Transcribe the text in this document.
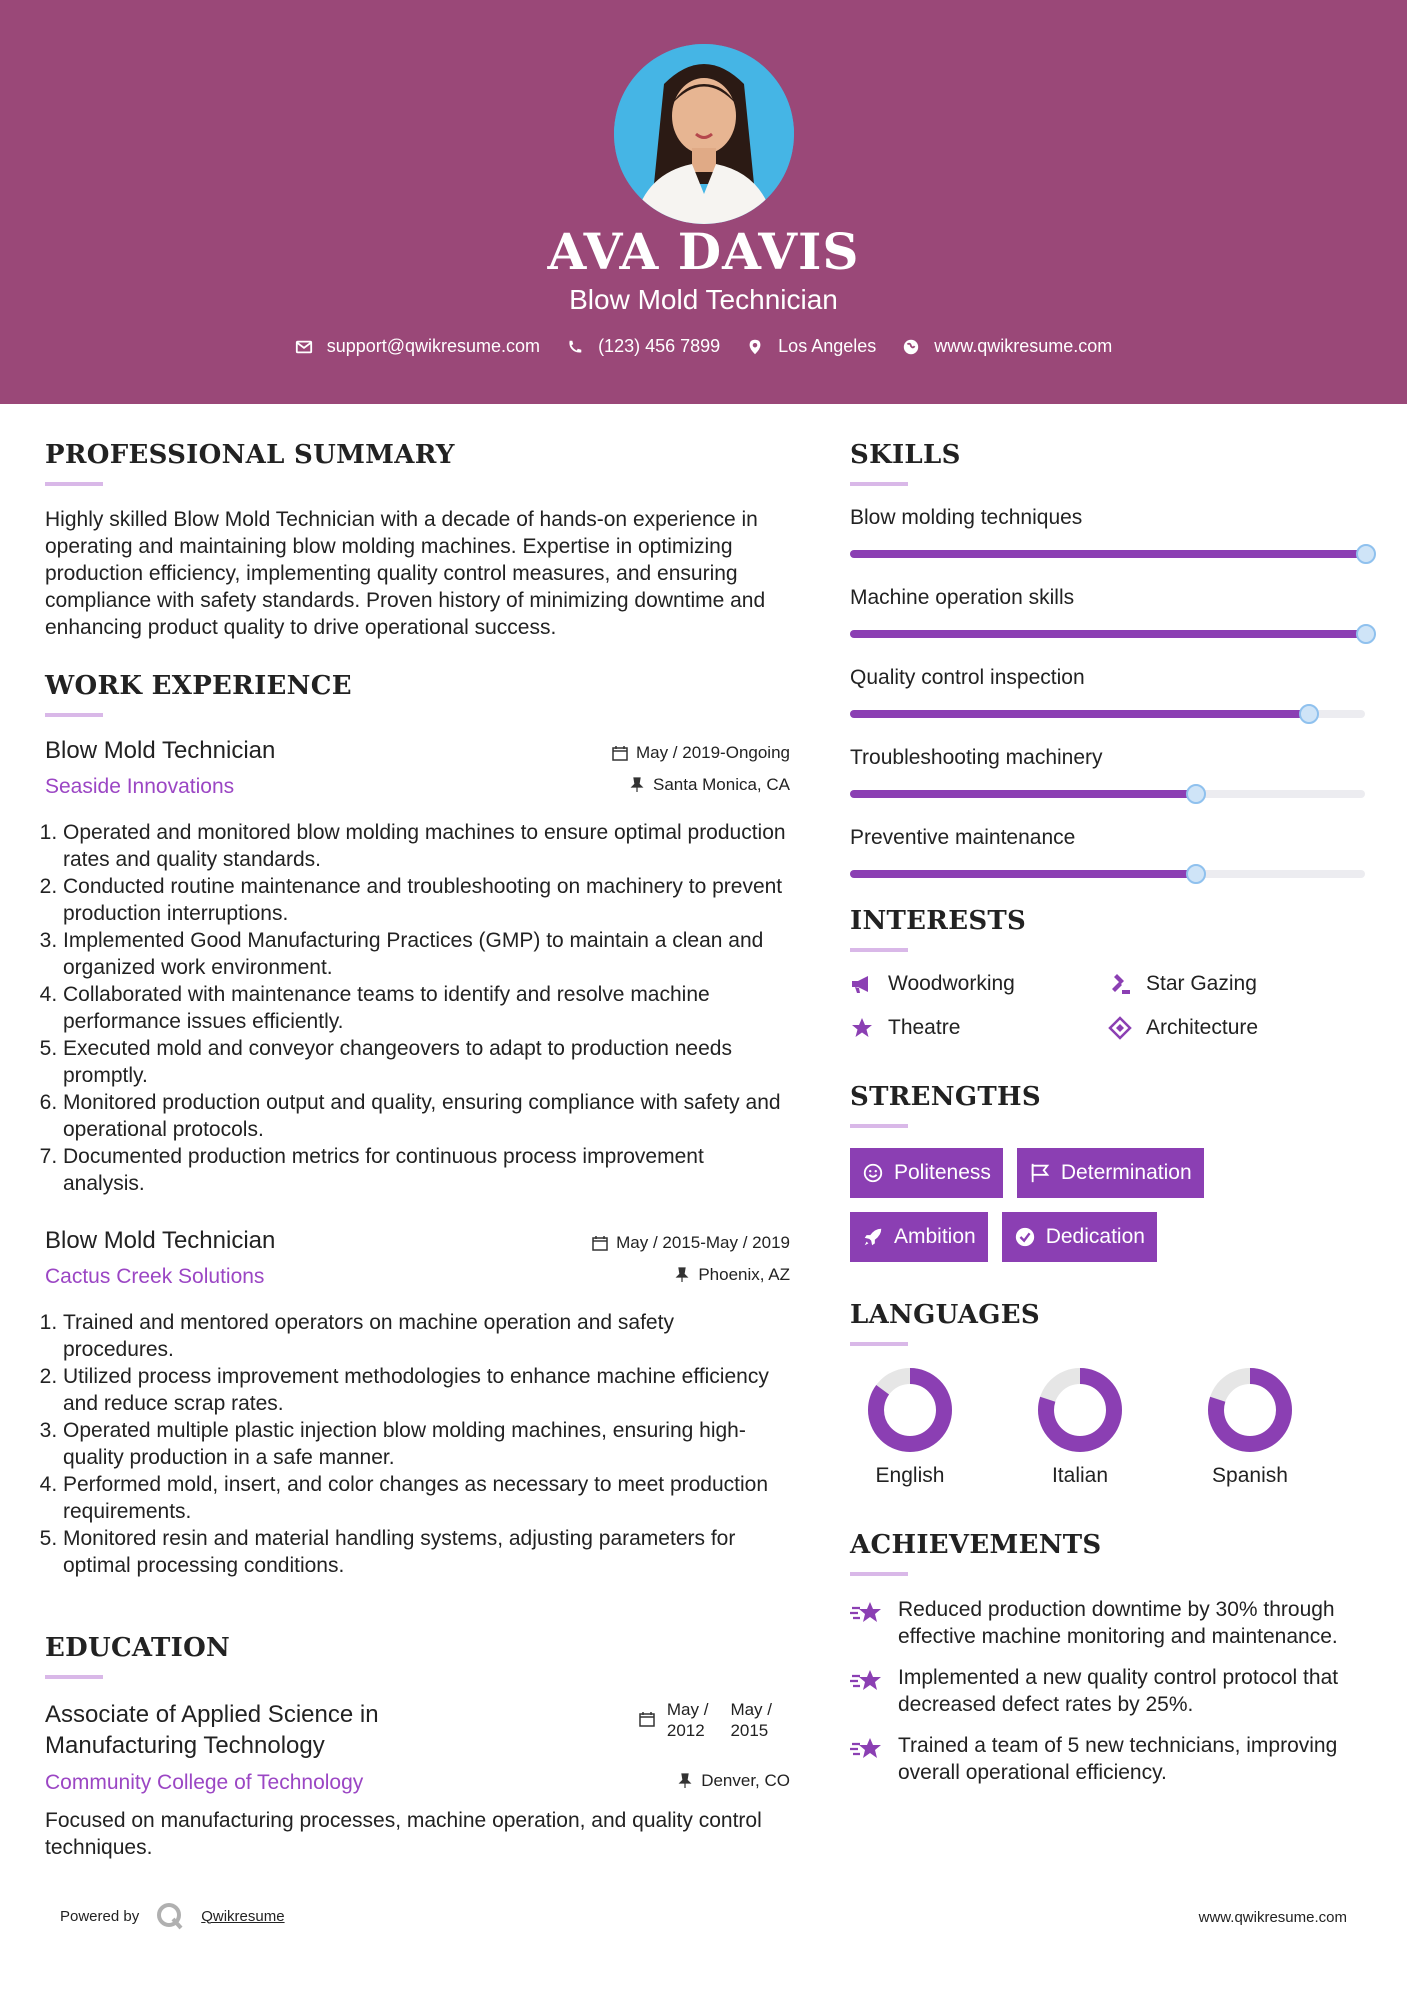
AVA DAVIS
Blow Mold Technician
support@qwikresume.com	(123) 456 7899	Los Angeles	www.qwikresume.com
PROFESSIONAL SUMMARY

Highly skilled Blow Mold Technician with a decade of hands-on experience in operating and maintaining blow molding machines. Expertise in optimizing production efficiency, implementing quality control measures, and ensuring compliance with safety standards. Proven history of minimizing downtime and enhancing product quality to drive operational success.

WORK EXPERIENCE
May / 2019-Ongoing
Santa Monica, CA
Blow Mold Technician
Seaside Innovations
1. Operated and monitored blow molding machines to ensure optimal production rates and quality standards.
2. Conducted routine maintenance and troubleshooting on machinery to prevent production interruptions.
3. Implemented Good Manufacturing Practices (GMP) to maintain a clean and organized work environment.
4. Collaborated with maintenance teams to identify and resolve machine performance issues efficiently.
5. Executed mold and conveyor changeovers to adapt to production needs promptly.
6. Monitored production output and quality, ensuring compliance with safety and operational protocols.
7. Documented production metrics for continuous process improvement analysis.
May / 2015-May / 2019
Phoenix, AZ
Blow Mold Technician
Cactus Creek Solutions
1. Trained and mentored operators on machine operation and safety procedures.
2. Utilized process improvement methodologies to enhance machine efficiency and reduce scrap rates.
3. Operated multiple plastic injection blow molding machines, ensuring high-quality production in a safe manner.
4. Performed mold, insert, and color changes as necessary to meet production requirements.
5. Monitored resin and material handling systems, adjusting parameters for optimal processing conditions.
EDUCATION
May /
2012
May /
2015
Denver, CO
Associate of Applied Science in
Manufacturing Technology
Community College of Technology

Focused on manufacturing processes, machine operation, and quality control techniques.

SKILLS
Blow molding techniques
Machine operation skills
Quality control inspection
Troubleshooting machinery
Preventive maintenance
INTERESTS
Woodworking	Star Gazing
Theatre	Architecture
STRENGTHS
Politeness	Determination
Ambition	Dedication
LANGUAGES
English	Italian	Spanish
ACHIEVEMENTS
Reduced production downtime by 30% through effective machine monitoring and maintenance.
Implemented a new quality control protocol that decreased defect rates by 25%.
Trained a team of 5 new technicians, improving overall operational efficiency.
Powered by	Qwikresume	www.qwikresume.com
